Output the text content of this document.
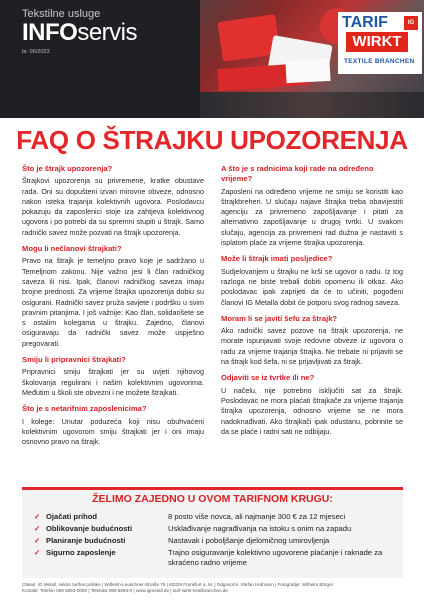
Tekstilne usluge
INFOservis
br. 06/2023
TARIF	IG
WIRKT
TEXTILE BRANCHEN
FAQ O ŠTRAJKU UPOZORENJA
Što je štrajk upozorenja?
Štrajkovi upozorenja su privremene, kratke obustave rada. Oni su dopušteni izvan mirovne obveze, odnosno nakon isteka trajanja kolektivnih ugovora. Poslodavcu pokazuju da zaposlenici stoje iza zahtjeva kolektivnog ugovora i po potrebi da su spremni stupiti u štrajk. Samo radnički savez može pozvati na štrajk upozorenja.
Mogu li nečlanovi štrajkati?
Pravo na štrajk je temeljno pravo koje je sadržano u Temeljnom zakonu. Nije važno jesi li član radničkog saveza ili nisi. Ipak, članovi radničkog saveza imaju brojne prednosti. Za vrijeme štrajka upozorenja dobiu su osigurani. Radnički savez pruža savjete i podršku u svim pravnim pitanjima. I još važnije: Kao član, solidarišete se s ostalim kolegama u štrajku. Zajedno, članovi osiguravaju da radnički savez može uspješno pregovarati.
Smiju li pripravnici štrajkati?
Pripravnici smiju štrajkati jer su uvjeti njihovog školovanja regulirani i našim kolektivnim ugovorima. Međutim u školi ste obvezni i ne možete štrajkati.
Što je s netarifnim zaposlenicima?
I kolege: Unutar poduzeća koji nisu obuhvaćeni kolektivnim ugovorom smiju štrajkati jer i oni imaju osnovno pravo na štrajk.
A što je s radnicima koji rade na određeno vrijeme?
Zaposleni na određeno vrijeme ne smiju se koristiti kao štrajkbreheri. U slučaju najave štrajka treba obavijestiti agenciju za privremeno zapošljavanje i pitati za alternativno zapošljavanje u drugoj tvrtki. U svakom slučaju, agencija za privremeni rad dužna je nastaviti s isplatom plaće za vrijeme štrajka upozorenja.
Može li štrajk imati posljedice?
Sudjelovanjem u štrajku ne krši se ugovor o radu. Iz tog razloga ne biste trebali dobiti opomenu ili otkaz. Ako poslodavac ipak zaprijeti da će to učiniti, pogođeni članovi IG Metalla dobit će potporu svog radnog saveza.
Moram li se javiti šefu za štrajk?
Ako radnički savez pozove na štrajk upozorenja, ne morate ispunjavati svoje redovne obveze iz ugovora o radu za vrijeme trajanja štrajka. Ne trebate ni prijaviti se na štrajk kod šefa, ni se prijavljivati za štrajk.
Odjaviti se iz tvrtke ili ne?
U načelu, nije potrebno isključiti sat za štrajk. Poslodavac ne mora plaćati štrajkače za vrijeme trajanja štrajka upozorenja, odnosno vrijeme se ne mora nadoknađivati. Ako štrajkači ipak odustanu, pobrinite se da se plaće i radni sati ne odbijaju.
ŽELIMO ZAJEDNO U OVOM TARIFNOM KRUGU:
✓ Ojačati prihod	8 posto više novca, ali najmanje 300 € za 12 mjeseci
✓ Oblikovanje budućnosti	Usklađivanje nagrađivanja na istoku s onim na zapadu
✓ Planiranje budućnosti	Nastavak i poboljšanje djelomičnog umirovljenja
✓ Sigurno zaposlenje	Trajno osiguravanje kolektivno ugovorene plaćanje i raknade za skraćeno radno vrijeme
Otisak: IG Metall, sektor tarifne politike | Wilhelm-Leuschner-Straße 79 | 60329 Frankfurt a. M. | Odgovorni: Stefan Hofmann | Fotografije: Wilhelm Börger
Kontakt: Telefon 069 6693-0000 | Telefaks 069 6693-0 | www.igmetall.de | tarif-wirkt-textilbranchen.de
